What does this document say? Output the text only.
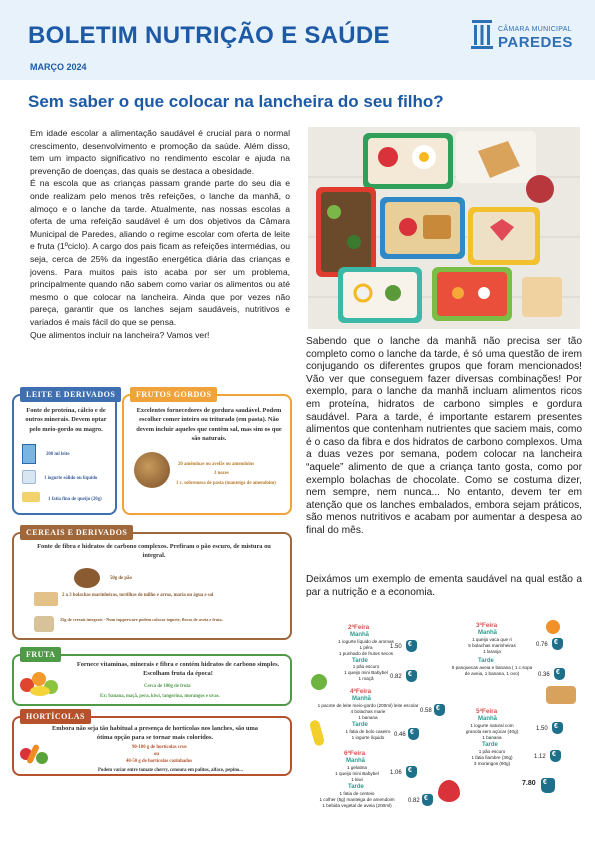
BOLETIM NUTRIÇÃO E SAÚDE
MARÇO 2024
CÂMARA MUNICIPAL
PAREDES
Sem saber o que colocar na lancheira do seu filho?

Em idade escolar a alimentação saudável é crucial para o normal crescimento, desenvolvimento e promoção da saúde. Além disso, tem um impacto significativo no rendimento escolar e ajuda na prevenção de doenças, das quais se destaca a obesidade.

É na escola que as crianças passam grande parte do seu dia e onde realizam pelo menos três refeições, o lanche da manhã, o almoço e o lanche da tarde. Atualmente, nas nossas escolas a oferta de uma refeição saudável é um dos objetivos da Câmara Municipal de Paredes, aliando o regime escolar com oferta de leite e fruta (1ºciclo). A cargo dos pais ficam as refeições intermédias, ou seja, cerca de 25% da ingestão energética diária das crianças e jovens. Para muitos pais isto acaba por ser um problema, principalmente quando não sabem como variar os alimentos ou até mesmo o que colocar na lancheira. Ainda que por vezes não pareça, garantir que os lanches sejam saudáveis, nutritivos e variados é mais fácil do que se pensa.

Que alimentos incluir na lancheira? Vamos ver!

Sabendo que o lanche da manhã não precisa ser tão completo como o lanche da tarde, é só uma questão de irem conjugando os diferentes grupos que foram mencionados! Vão ver que conseguem fazer diversas combinações! Por exemplo, para o lanche da manhã incluam alimentos ricos em proteína, hidratos de carbono simples e gordura saudável. Para a tarde, é importante estarem presentes alimentos que contenham nutrientes que saciem mais, como é o caso da fibra e dos hidratos de carbono complexos. Uma a duas vezes por semana, podem colocar na lancheira “aquele” alimento de que a criança tanto gosta, como por exemplo bolachas de chocolate. Como se costuma dizer, nem sempre, nem nunca... No entanto, devem ter em atenção que os lanches embalados, embora sejam práticos, são menos nutritivos e acabam por aumentar a despesa ao final do mês.
Deixámos um exemplo de ementa saudável na qual estão a par a nutrição e a economia.
LEITE E DERIVADOS
Fonte de proteína, cálcio e de outros minerais. Devem optar pelo meio-gordo ou magro.
200 ml leite
1 iogurte sólido ou líquido
1 fatia fina de queijo (20g)
FRUTOS GORDOS
Excelentes fornecedores de gordura saudável. Podem escolher comer inteiro ou triturado (em pasta). Não devem incluir aqueles que contêm sal, mas sim os que são naturais.
20 amêndoas ou avelãs ou amendoins
3 nozes
1 c. sobremesa de pasta (manteiga de amendoim)
CEREAIS E DERIVADOS
Fonte de fibra e hidratos de carbono complexos. Prefiram o pão escuro, de mistura ou integral.
50g de pão
2 a 3 bolachas marinheiras, tortilhas de milho e arroz, maria ou água e sal
25g de cereais integrais - Num tupperware podem colocar iogurte, flocos de aveia e fruta.
FRUTA
Fornece vitaminas, minerais e fibra e contém hidratos de carbono simples. Escolham fruta da época!
Cerca de 100g de fruta
Ex: banana, maçã, pera, kiwi, tangerina, morangos e uvas.
HORTÍCOLAS
Embora não seja tão habitual a presença de hortícolas nos lanches, são uma ótima opção para se tornar mais coloridos.
90-100 g de hortícolas crus
ou
40-50 g de hortícolas cozinhados
Podem variar entre tomate cherry, cenoura em palitos, alface, pepino...
2ªFeira
Manhã
1 iogurte líquido de aromas
1 pêra
1 punhado de frutos secos
1.50
€
Tarde
1 pão escuro
1 queijo mini Babybel
1 maçã	0.82
€
3ªFeira
Manhã
1 queijo vaca que ri
5 bolachas marinheiras
1 laranja
0.76
€
Tarde
6 panquecas aveia e banana ( 1 c.sopa
de aveia, 1 banana, 1 ovo)	0.36
€
4ªFeira
Manhã
1 pacote de leite meio-gordo (200ml) leite escolar
4 bolachas marie
1 banana
0.58
€
Tarde
1 fatia de bolo caseiro
1 iogurte líquido	0.46
€
5ªFeira
Manhã
1 iogurte natural com
granola sem açúcar (40g)
1 banana
1.50
€
Tarde
1 pão escuro
1 fatia fiambre (30g)
3 morangos (90g)
1.12
€
6ªFeira
Manhã
1 gelatina
1 queijo mini Babybel
1 kiwi
1.06
€
Tarde
1 fatia de centeio
1 colher (5g) manteiga de amendoim
1 bebida vegetal de aveia (200ml)
0.82
€
7.80
€
